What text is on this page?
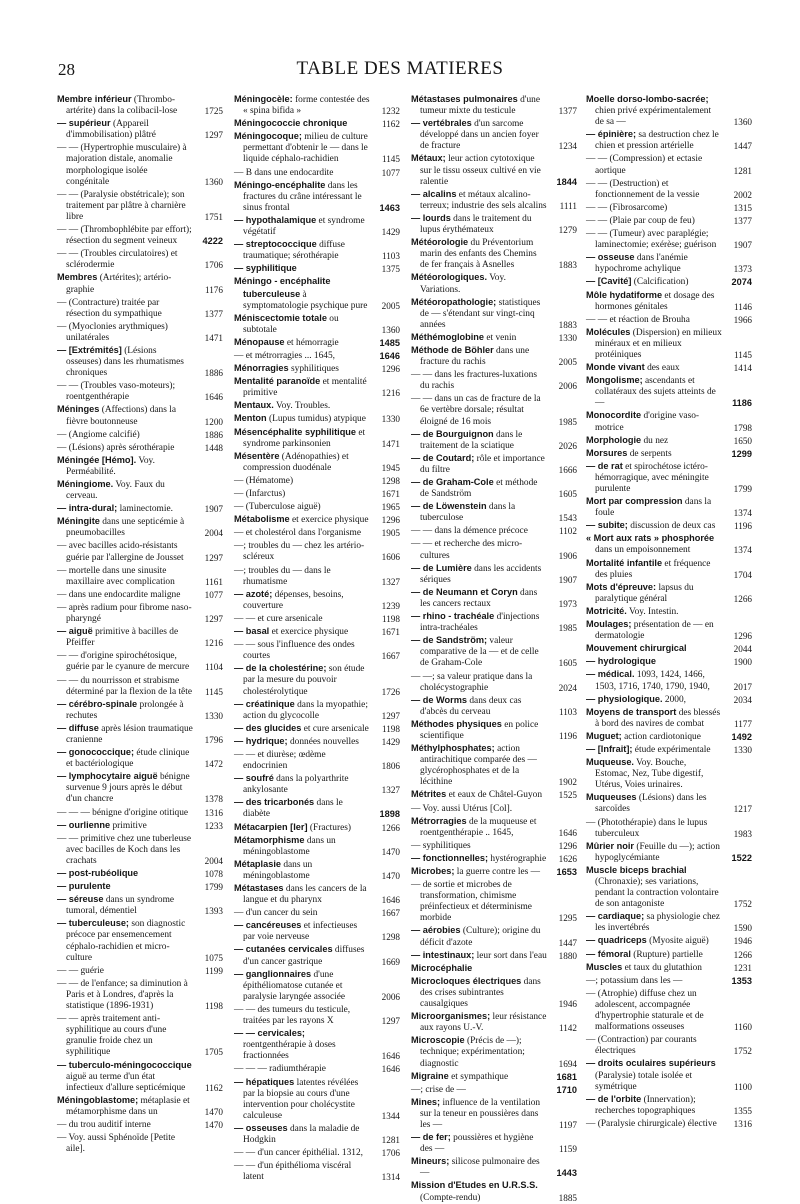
28	TABLE DES MATIERES

Membre inférieur (Thrombo-artérite) dans la colibacil-lose	1725

— supérieur (Appareil d'immobilisation) plâtré	1297

— — (Hypertrophie musculaire) à majoration distale, anomalie morphologique isolée congénitale	1360

— — (Paralysie obstétricale); son traitement par plâtre à charnière libre	1751

— — (Thrombophlébite par effort); résection du segment veineux	4222

— — (Troubles circulatoires) et sclérodermie	1706

Membres (Artérites); artério-graphie	1176

— (Contracture) traitée par résection du sympathique	1377

— (Myoclonies arythmiques) unilatérales	1471

— [Extrémités] (Lésions osseuses) dans les rhumatismes chroniques	1886

— — (Troubles vaso-moteurs); roentgenthérapie	1646

Méninges (Affections) dans la fièvre boutonneuse	1200

— (Angiome calcifié)	1886

— (Lésions) après sérothérapie	1448

Méningée [Hémo]. Voy. Perméabilité.

Méningiome. Voy. Faux du cerveau.

— intra-dural; laminectomie.	1907

Méningite dans une septicémie à pneumobacilles	2004

— avec bacilles acido-résistants guérie par l'allergine de Jousset	1297

— mortelle dans une sinusite maxillaire avec complication	1161

— dans une endocardite maligne	1077

— après radium pour fibrome naso-pharyngé	1297

— aiguë primitive à bacilles de Pfeiffer	1216

— — d'origine spirochétosique, guérie par le cyanure de mercure	1104

— — du nourrisson et strabisme déterminé par la flexion de la tête	1145

— cérébro-spinale prolongée à rechutes	1330

— diffuse après lésion traumatique cranienne	1796

— gonococcique; étude clinique et bactériologique	1472

— lymphocytaire aiguë bénigne survenue 9 jours après le début d'un chancre	1378

— — — bénigne d'origine otitique	1316

— ourlienne primitive	1233

— — primitive chez une tuberleuse avec bacilles de Koch dans les crachats	2004

— post-rubéolique	1078

— purulente	1799

— séreuse dans un syndrome tumoral, démentiel	1393

— tuberculeuse; son diagnostic précoce par ensemencement céphalo-rachidien et micro-culture	1075

— — guérie	1199

— — de l'enfance; sa diminution à Paris et à Londres, d'après la statistique (1896-1931)	1198

— — après traitement anti-syphilitique au cours d'une granulie froide chez un syphilitique	1705

— tuberculo-méningococcique aiguë au terme d'un état infectieux d'allure septicémique	1162

Méningoblastome; métaplasie et métamorphisme dans un	1470

— du trou auditif interne	1470

— Voy. aussi Sphénoïde [Petite aile].

Méningocèle: forme contestée des « spina bifida »	1232

Méningococcie chronique	1162

Méningocoque; milieu de culture permettant d'obtenir le — dans le liquide céphalo-rachidien	1145

— B dans une endocardite	1077

Méningo-encéphalite dans les fractures du crâne intéressant le sinus frontal	1463

— hypothalamique et syndrome végétatif	1429

— streptococcique diffuse traumatique; sérothérapie	1103

— syphilitique	1375

Méningo - encéphalite tuberculeuse à symptomatologie psychique pure	2005

Méniscectomie totale ou subtotale	1360

Ménopause et hémorragie	1485

— et métrorragies ... 1645,	1646

Ménorragies syphilitiques	1296

Mentalité paranoïde et mentalité primitive	1216

Mentaux. Voy. Troubles.

Menton (Lupus tumidus) atypique	1330

Mésencéphalite syphilitique et syndrome parkinsonien	1471

Mésentère (Adénopathies) et compression duodénale	1945

— (Hématome)	1298

— (Infarctus)	1671

— (Tuberculose aiguë)	1965

Métabolisme et exercice physique	1296

— et cholestérol dans l'organisme	1905

—; troubles du — chez les artério-scléreux	1606

—; troubles du — dans le rhumatisme	1327

— azoté; dépenses, besoins, couverture	1239

— — et cure arsenicale	1198

— basal et exercice physique	1671

— — sous l'influence des ondes courtes	1667

— de la cholestérine; son étude par la mesure du pouvoir cholestérolytique	1726

— créatinique dans la myopathie; action du glycocolle	1297

— des glucides et cure arsenicale	1198

— hydrique; données nouvelles	1429

— — et diurèse; œdème endocrinien	1806

— soufré dans la polyarthrite ankylosante	1327

— des tricarbonés dans le diabète	1898

Métacarpien [Ier] (Fractures)	1266

Métamorphisme dans un méningoblastome	1470

Métaplasie dans un méningoblastome	1470

Métastases dans les cancers de la langue et du pharynx	1646

— d'un cancer du sein	1667

— cancéreuses et infectieuses par voie nerveuse	1298

— cutanées cervicales diffuses d'un cancer gastrique	1669

— ganglionnaires d'une épithéliomatose cutanée et paralysie laryngée associée	2006

— — des tumeurs du testicule, traitées par les rayons X	1297

— — cervicales; roentgenthérapie à doses fractionnées	1646

— — — radiumthérapie	1646

— hépatiques latentes révélées par la biopsie au cours d'une intervention pour cholécystite calculeuse	1344

— osseuses dans la maladie de Hodgkin	1281

— — d'un cancer épithélial. 1312,	1706

— — d'un épithélioma viscéral latent	1314

Métastases pulmonaires d'une tumeur mixte du testicule	1377

— vertébrales d'un sarcome développé dans un ancien foyer de fracture	1234

Métaux; leur action cytotoxique sur le tissu osseux cultivé en vie ralentie	1844

— alcalins et métaux alcalino-terreux; industrie des sels alcalins	1111

— lourds dans le traitement du lupus érythémateux	1279

Météorologie du Préventorium marin des enfants des Chemins de fer français à Asnelles	1883

Météorologiques. Voy. Variations.

Météoropathologie; statistiques de — s'étendant sur vingt-cinq années	1883

Méthémoglobine et venin	1330

Méthode de Böhler dans une fracture du rachis	2005

— — dans les fractures-luxations du rachis	2006

— — dans un cas de fracture de la 6e vertèbre dorsale; résultat éloigné de 16 mois	1985

— de Bourguignon dans le traitement de la sciatique	2026

— de Coutard; rôle et importance du filtre	1666

— de Graham-Cole et méthode de Sandström	1605

— de Löwenstein dans la tuberculose	1543

— — dans la démence précoce	1102

— — et recherche des micro-cultures	1906

— de Lumière dans les accidents sériques	1907

— de Neumann et Coryn dans les cancers rectaux	1973

— rhino - trachéale d'injections intra-trachéales	1985

— de Sandström; valeur comparative de la — et de celle de Graham-Cole	1605

— —; sa valeur pratique dans la cholécystographie	2024

— de Worms dans deux cas d'abcès du cerveau	1103

Méthodes physiques en police scientifique	1196

Méthylphosphates; action antirachitique comparée des — glycérophosphates et de la lécithine	1902

Métrites et eaux de Châtel-Guyon	1525

— Voy. aussi Utérus [Col].

Métrorragies de la muqueuse et roentgenthérapie .. 1645,	1646

— syphilitiques	1296

— fonctionnelles; hystérographie	1626

Microbes; la guerre contre les —	1653

— de sortie et microbes de transformation, chimisme préinfectieux et déterminisme morbide	1295

— aérobies (Culture); origine du déficit d'azote	1447

— intestinaux; leur sort dans l'eau	1880

Microcéphalie

Microcloques électriques dans des crises subintrantes causalgiques	1946

Microorganismes; leur résistance aux rayons U.-V.	1142

Microscopie (Précis de —); technique; expérimentation; diagnostic	1694

Migraine et sympathique	1681

—; crise de —	1710

Mines; influence de la ventilation sur la teneur en poussières dans les —	1197

— de fer; poussières et hygiène des —	1159

Mineurs; silicose pulmonaire des —	1443

Mission d'Etudes en U.R.S.S. (Compte-rendu)	1885

Moelle dorso-lombo-sacrée; chien privé expérimentalement de sa —	1360

— épinière; sa destruction chez le chien et pression artérielle	1447

— — (Compression) et ectasie aortique	1281

— — (Destruction) et fonctionnement de la vessie	2002

— — (Fibrosarcome)	1315

— — (Plaie par coup de feu)	1377

— — (Tumeur) avec paraplégie; laminectomie; exérèse; guérison	1907

— osseuse dans l'anémie hypochrome achylique	1373

— [Cavité] (Calcification)	2074

Môle hydatiforme et dosage des hormones génitales	1146

— — et réaction de Brouha	1966

Molécules (Dispersion) en milieux minéraux et en milieux protéiniques	1145

Monde vivant des eaux	1414

Mongolisme; ascendants et collatéraux des sujets atteints de —	1186

Monocordite d'origine vaso-motrice	1798

Morphologie du nez	1650

Morsures de serpents	1299

— de rat et spirochétose ictéro-hémorragique, avec méningite purulente	1799

Mort par compression dans la foule	1374

— subite; discussion de deux cas	1196

« Mort aux rats » phosphorée dans un empoisonnement	1374

Mortalité infantile et fréquence des pluies	1704

Mots d'épreuve: lapsus du paralytique général	1266

Motricité. Voy. Intestin.

Moulages; présentation de — en dermatologie	1296

Mouvement chirurgical	2044

— hydrologique	1900

— médical. 1093, 1424, 1466, 1503, 1716, 1740, 1790, 1940,	2017

— physiologique. 2000,	2034

Moyens de transport des blessés à bord des navires de combat	1177

Muguet; action cardiotonique	1492

— [Infrait]; étude expérimentale	1330

Muqueuse. Voy. Bouche, Estomac, Nez, Tube digestif, Utérus, Voies urinaires.

Muqueuses (Lésions) dans les sarcoïdes	1217

— (Photothérapie) dans le lupus tuberculeux	1983

Mûrier noir (Feuille du —); action hypoglycémiante	1522

Muscle biceps brachial (Chronaxie); ses variations, pendant la contraction volontaire de son antagoniste	1752

— cardiaque; sa physiologie chez les invertébrés	1590

— quadriceps (Myosite aiguë)	1946

— fémoral (Rupture) partielle	1266

Muscles et taux du glutathion	1231

—; potassium dans les —	1353

— (Atrophie) diffuse chez un adolescent, accompagnée d'hypertrophie staturale et de malformations osseuses	1160

— (Contraction) par courants électriques	1752

— droits oculaires supérieurs (Paralysie) totale isolée et symétrique	1100

— de l'orbite (Innervation); recherches topographiques	1355

— (Paralysie chirurgicale) élective	1316
